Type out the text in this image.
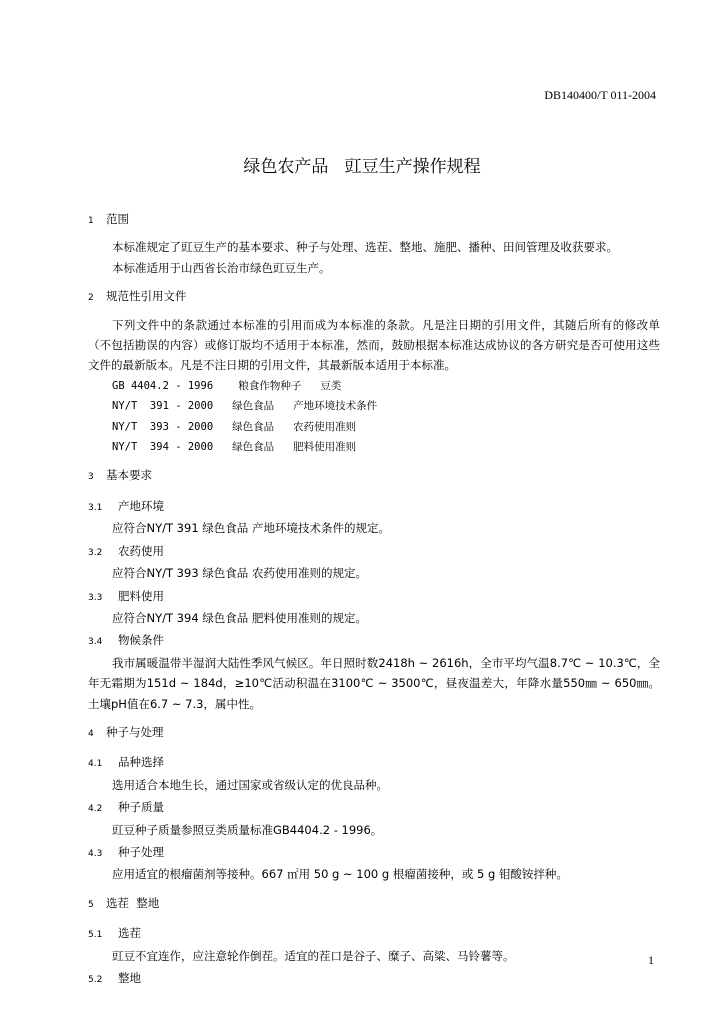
DB140400/T 011-2004
绿色农产品   豇豆生产操作规程
1	范围
本标准规定了豇豆生产的基本要求、种子与处理、选茬、整地、施肥、播种、田间管理及收获要求。
本标准适用于山西省长治市绿色豇豆生产。
2	规范性引用文件
下列文件中的条款通过本标准的引用而成为本标准的条款。凡是注日期的引用文件，其随后所有的修改单（不包括勘误的内容）或修订版均不适用于本标准，然而，鼓励根据本标准达成协议的各方研究是否可使用这些文件的最新版本。凡是不注日期的引用文件，其最新版本适用于本标准。
GB 4404.2 - 1996    粮食作物种子   豆类
NY/T  391 - 2000   绿色食品   产地环境技术条件
NY/T  393 - 2000   绿色食品   农药使用准则
NY/T  394 - 2000   绿色食品   肥料使用准则
3	基本要求
3.1	产地环境
应符合NY/T 391 绿色食品 产地环境技术条件的规定。
3.2	农药使用
应符合NY/T 393 绿色食品 农药使用准则的规定。
3.3	肥料使用
应符合NY/T 394 绿色食品 肥料使用准则的规定。
3.4	物候条件
我市属暖温带半湿润大陆性季风气候区。年日照时数2418h ~ 2616h，全市平均气温8.7℃ ~ 10.3℃，全年无霜期为151d ~ 184d，≥10℃活动积温在3100℃ ~ 3500℃，昼夜温差大，年降水量550㎜ ~ 650㎜。土壤pH值在6.7 ~ 7.3，属中性。
4	种子与处理
4.1	品种选择
选用适合本地生长，通过国家或省级认定的优良品种。
4.2	种子质量
豇豆种子质量参照豆类质量标准GB4404.2 - 1996。
4.3	种子处理
应用适宜的根瘤菌剂等接种。667 ㎡用 50 g ~ 100 g 根瘤菌接种，或 5 g 钼酸铵拌种。
5	选茬  整地
5.1	选茬
豇豆不宜连作，应注意轮作倒茬。适宜的茬口是谷子、糜子、高粱、马铃薯等。
5.2	整地
1
